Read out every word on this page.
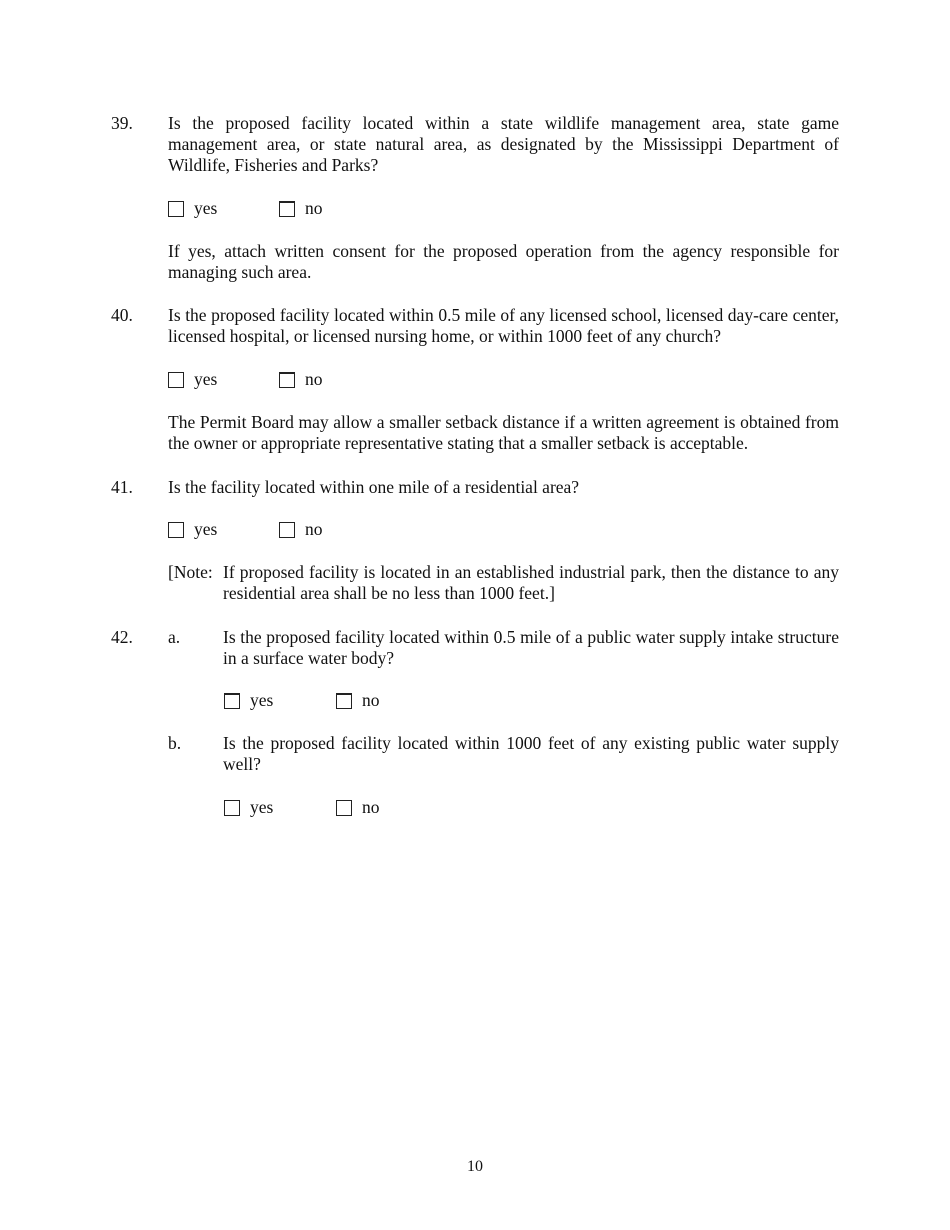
39. Is the proposed facility located within a state wildlife management area, state game management area, or state natural area, as designated by the Mississippi Department of Wildlife, Fisheries and Parks?
yes	no
If yes, attach written consent for the proposed operation from the agency responsible for managing such area.
40. Is the proposed facility located within 0.5 mile of any licensed school, licensed day-care center, licensed hospital, or licensed nursing home, or within 1000 feet of any church?
yes	no
The Permit Board may allow a smaller setback distance if a written agreement is obtained from the owner or appropriate representative stating that a smaller setback is acceptable.
41. Is the facility located within one mile of a residential area?
yes	no
[Note: If proposed facility is located in an established industrial park, then the distance to any residential area shall be no less than 1000 feet.]
42. a. Is the proposed facility located within 0.5 mile of a public water supply intake structure in a surface water body?
yes	no
b. Is the proposed facility located within 1000 feet of any existing public water supply well?
yes	no
10
